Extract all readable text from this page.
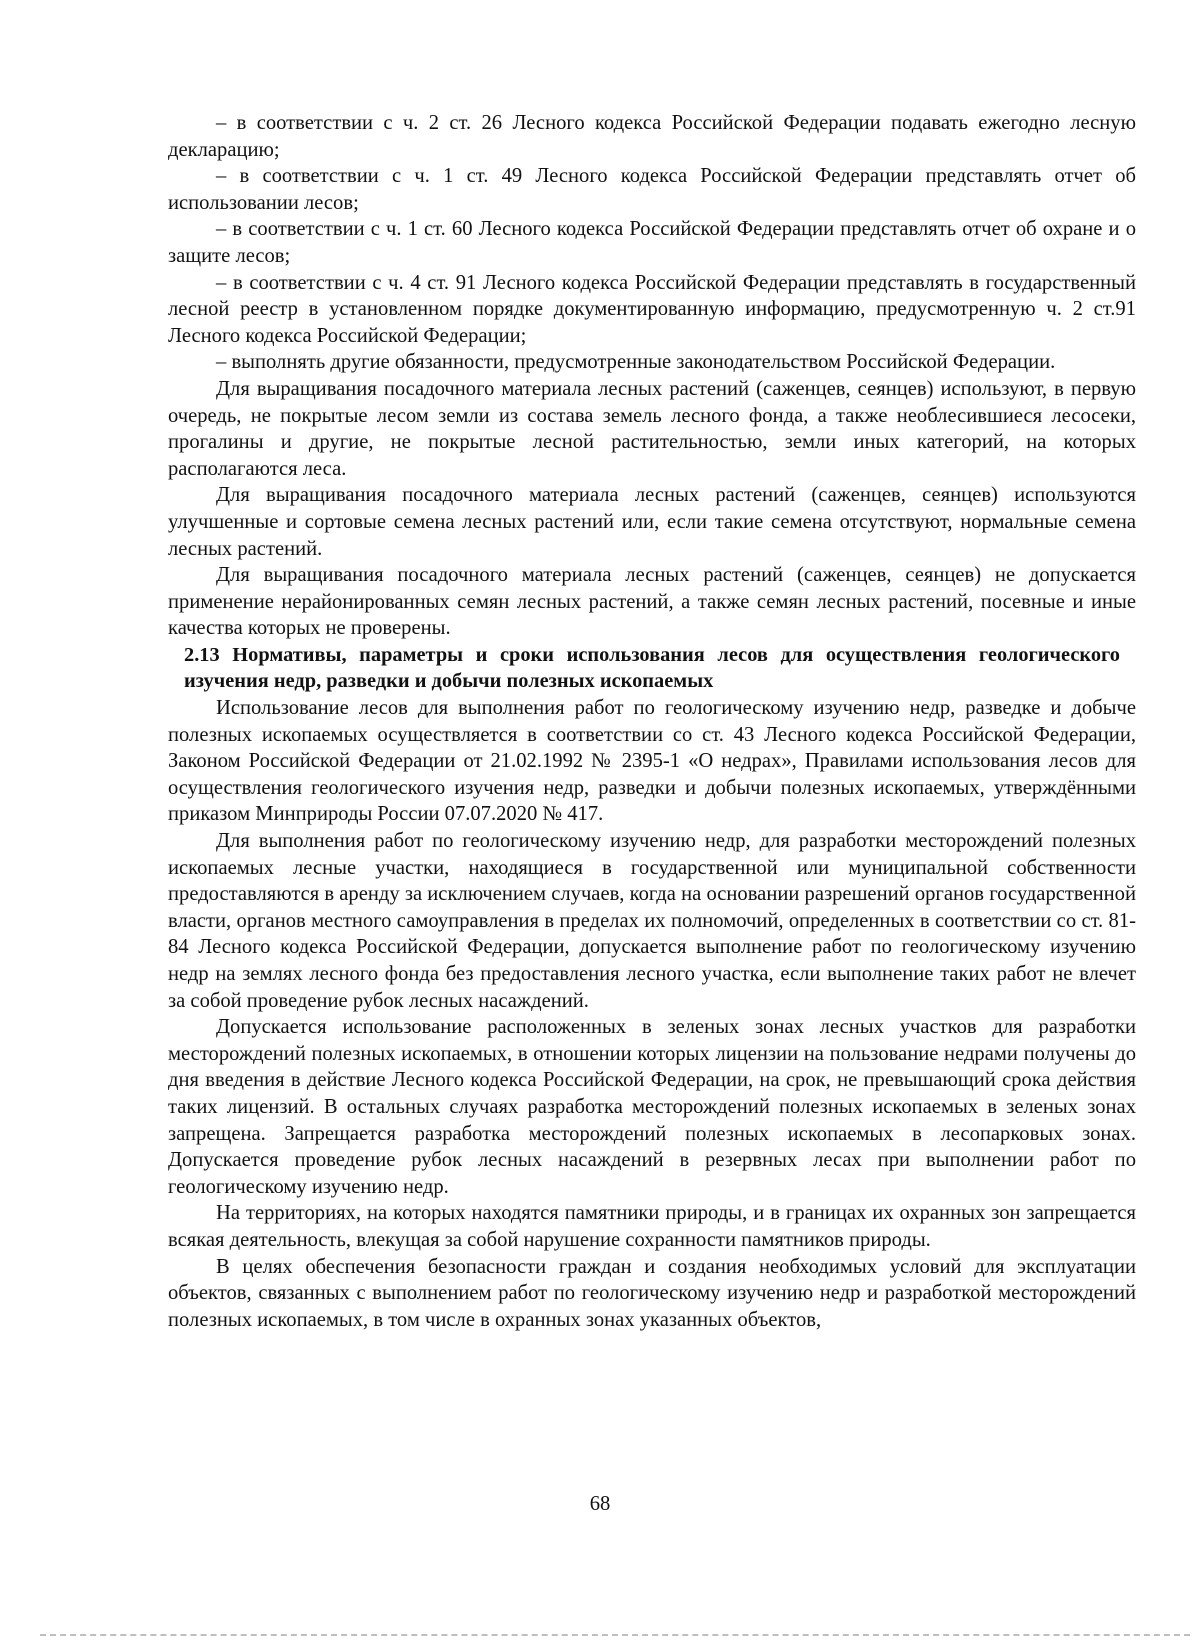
– в соответствии с ч. 2 ст. 26 Лесного кодекса Российской Федерации подавать ежегодно лесную декларацию;

– в соответствии с ч. 1 ст. 49 Лесного кодекса Российской Федерации представлять отчет об использовании лесов;

– в соответствии с ч. 1 ст. 60 Лесного кодекса Российской Федерации представлять отчет об охране и о защите лесов;

– в соответствии с ч. 4 ст. 91 Лесного кодекса Российской Федерации представлять в государственный лесной реестр в установленном порядке документированную информацию, предусмотренную ч. 2 ст.91 Лесного кодекса Российской Федерации;

– выполнять другие обязанности, предусмотренные законодательством Российской Федерации.

Для выращивания посадочного материала лесных растений (саженцев, сеянцев) используют, в первую очередь, не покрытые лесом земли из состава земель лесного фонда, а также необлесившиеся лесосеки, прогалины и другие, не покрытые лесной растительностью, земли иных категорий, на которых располагаются леса.

Для выращивания посадочного материала лесных растений (саженцев, сеянцев) используются улучшенные и сортовые семена лесных растений или, если такие семена отсутствуют, нормальные семена лесных растений.

Для выращивания посадочного материала лесных растений (саженцев, сеянцев) не допускается применение нерайонированных семян лесных растений, а также семян лесных растений, посевные и иные качества которых не проверены.

2.13 Нормативы, параметры и сроки использования лесов для осуществления геологического изучения недр, разведки и добычи полезных ископаемых

Использование лесов для выполнения работ по геологическому изучению недр, разведке и добыче полезных ископаемых осуществляется в соответствии со ст. 43 Лесного кодекса Российской Федерации, Законом Российской Федерации от 21.02.1992 № 2395-1 «О недрах», Правилами использования лесов для осуществления геологического изучения недр, разведки и добычи полезных ископаемых, утверждёнными приказом Минприроды России 07.07.2020 № 417.

Для выполнения работ по геологическому изучению недр, для разработки месторождений полезных ископаемых лесные участки, находящиеся в государственной или муниципальной собственности предоставляются в аренду за исключением случаев, когда на основании разрешений органов государственной власти, органов местного самоуправления в пределах их полномочий, определенных в соответствии со ст. 81-84 Лесного кодекса Российской Федерации, допускается выполнение работ по геологическому изучению недр на землях лесного фонда без предоставления лесного участка, если выполнение таких работ не влечет за собой проведение рубок лесных насаждений.

Допускается использование расположенных в зеленых зонах лесных участков для разработки месторождений полезных ископаемых, в отношении которых лицензии на пользование недрами получены до дня введения в действие Лесного кодекса Российской Федерации, на срок, не превышающий срока действия таких лицензий. В остальных случаях разработка месторождений полезных ископаемых в зеленых зонах запрещена. Запрещается разработка месторождений полезных ископаемых в лесопарковых зонах. Допускается проведение рубок лесных насаждений в резервных лесах при выполнении работ по геологическому изучению недр.

На территориях, на которых находятся памятники природы, и в границах их охранных зон запрещается всякая деятельность, влекущая за собой нарушение сохранности памятников природы.

В целях обеспечения безопасности граждан и создания необходимых условий для эксплуатации объектов, связанных с выполнением работ по геологическому изучению недр и разработкой месторождений полезных ископаемых, в том числе в охранных зонах указанных объектов,

68
